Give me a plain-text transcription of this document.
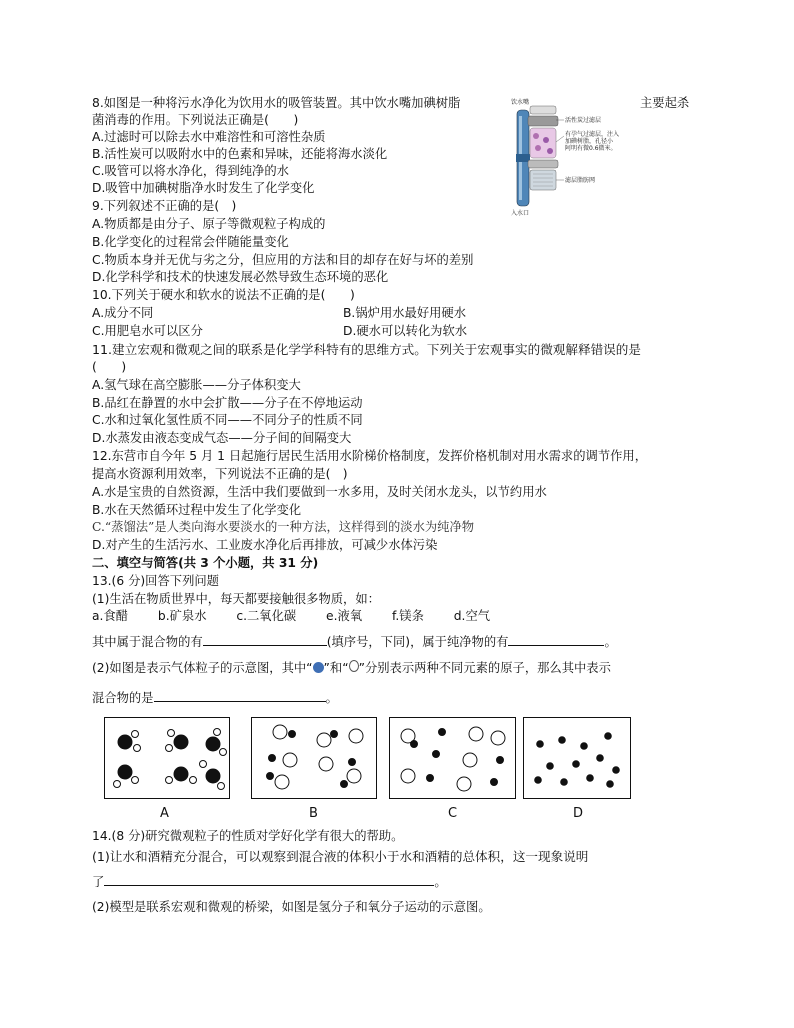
8.如图是一种将污水净化为饮用水的吸管装置。其中饮水嘴加碘树脂	主要起杀
菌消毒的作用。下列说法正确是(　　)
A.过滤时可以除去水中难溶性和可溶性杂质
B.活性炭可以吸附水中的色素和异味，还能将海水淡化
C.吸管可以将水净化，得到纯净的水
D.吸管中加碘树脂净水时发生了化学变化
饮水嘴
入水口
活性炭过滤层
有孕气过滤层，注入
加碘树脂，孔径小
阿明有微0.6微米。
滤层脂肪网
9.下列叙述不正确的是(　)
A.物质都是由分子、原子等微观粒子构成的
B.化学变化的过程常会伴随能量变化
C.物质本身并无优与劣之分，但应用的方法和目的却存在好与坏的差别
D.化学科学和技术的快速发展必然导致生态环境的恶化
10.下列关于硬水和软水的说法不正确的是(　　)
A.成分不同	B.锅炉用水最好用硬水
C.用肥皂水可以区分	D.硬水可以转化为软水
11.建立宏观和微观之间的联系是化学学科特有的思维方式。下列关于宏观事实的微观解释错误的是
(　　)
A.氢气球在高空膨胀——分子体积变大
B.品红在静置的水中会扩散——分子在不停地运动
C.水和过氧化氢性质不同——不同分子的性质不同
D.水蒸发由液态变成气态——分子间的间隔变大
12.东营市自今年 5 月 1 日起施行居民生活用水阶梯价格制度，发挥价格机制对用水需求的调节作用，
提高水资源利用效率，下列说法不正确的是(　)
A.水是宝贵的自然资源，生活中我们要做到一水多用，及时关闭水龙头，以节约用水
B.水在天然循环过程中发生了化学变化
C.“蒸馏法”是人类向海水要淡水的一种方法，这样得到的淡水为纯净物
D.对产生的生活污水、工业废水净化后再排放，可减少水体污染
二、填空与简答(共 3 个小题，共 31 分)
13.(6 分)回答下列问题
(1)生活在物质世界中，每天都要接触很多物质，如：
a.食醋 b.矿泉水 c.二氧化碳 e.液氧 f.镁条 d.空气
其中属于混合物的有	(填序号，下同)，属于纯净物的有	。
(2)如图是表示气体粒子的示意图，其中“ ”和“ ”分别表示两种不同元素的原子，那么其中表示
混合物的是	。
A	B	C	D
14.(8 分)研究微观粒子的性质对学好化学有很大的帮助。
(1)让水和酒精充分混合，可以观察到混合液的体积小于水和酒精的总体积，这一现象说明
了	。
(2)模型是联系宏观和微观的桥梁，如图是氢分子和氧分子运动的示意图。
